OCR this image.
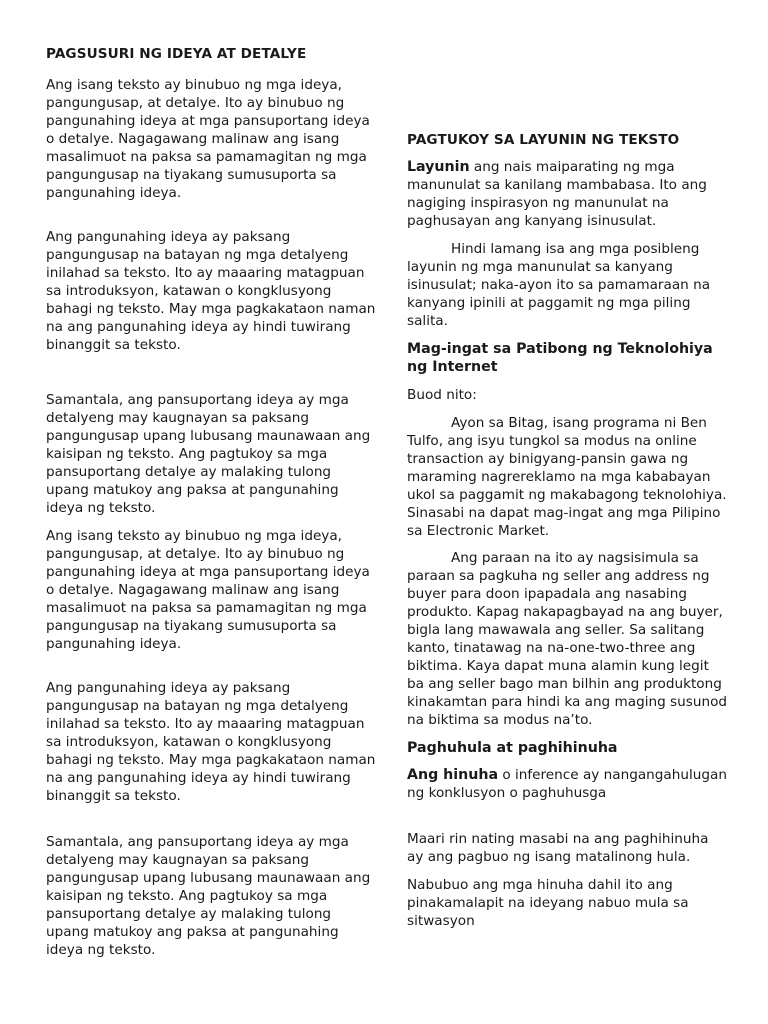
PAGSUSURI NG IDEYA AT DETALYE

Ang isang teksto ay binubuo ng mga ideya, pangungusap, at detalye. Ito ay binubuo ng pangunahing ideya at mga pansuportang ideya o detalye. Nagagawang malinaw ang isang masalimuot na paksa sa pamamagitan ng mga pangungusap na tiyakang sumusuporta sa pangunahing ideya.

Ang pangunahing ideya ay paksang pangungusap na batayan ng mga detalyeng inilahad sa teksto. Ito ay maaaring matagpuan sa introduksyon, katawan o kongklusyong bahagi ng teksto. May mga pagkakataon naman na ang pangunahing ideya ay hindi tuwirang binanggit sa teksto.

Samantala, ang pansuportang ideya ay mga detalyeng may kaugnayan sa paksang pangungusap upang lubusang maunawaan ang kaisipan ng teksto. Ang pagtukoy sa mga pansuportang detalye ay malaking tulong upang matukoy ang paksa at pangunahing ideya ng teksto.

Ang isang teksto ay binubuo ng mga ideya, pangungusap, at detalye. Ito ay binubuo ng pangunahing ideya at mga pansuportang ideya o detalye. Nagagawang malinaw ang isang masalimuot na paksa sa pamamagitan ng mga pangungusap na tiyakang sumusuporta sa pangunahing ideya.

Ang pangunahing ideya ay paksang pangungusap na batayan ng mga detalyeng inilahad sa teksto. Ito ay maaaring matagpuan sa introduksyon, katawan o kongklusyong bahagi ng teksto. May mga pagkakataon naman na ang pangunahing ideya ay hindi tuwirang binanggit sa teksto.

Samantala, ang pansuportang ideya ay mga detalyeng may kaugnayan sa paksang pangungusap upang lubusang maunawaan ang kaisipan ng teksto. Ang pagtukoy sa mga pansuportang detalye ay malaking tulong upang matukoy ang paksa at pangunahing ideya ng teksto.

PAGTUKOY SA LAYUNIN NG TEKSTO

Layunin ang nais maiparating ng mga manunulat sa kanilang mambabasa. Ito ang nagiging inspirasyon ng manunulat na paghusayan ang kanyang isinusulat.

Hindi lamang isa ang mga posibleng layunin ng mga manunulat sa kanyang isinusulat; naka-ayon ito sa pamamaraan na kanyang ipinili at paggamit ng mga piling salita.

Mag-ingat sa Patibong ng Teknolohiya ng Internet

Buod nito:

Ayon sa Bitag, isang programa ni Ben Tulfo, ang isyu tungkol sa modus na online transaction ay binigyang-pansin gawa ng maraming nagrereklamo na mga kababayan ukol sa paggamit ng makabagong teknolohiya. Sinasabi na dapat mag-ingat ang mga Pilipino sa Electronic Market.

Ang paraan na ito ay nagsisimula sa paraan sa pagkuha ng seller ang address ng buyer para doon ipapadala ang nasabing produkto. Kapag nakapagbayad na ang buyer, bigla lang mawawala ang seller. Sa salitang kanto, tinatawag na na-one-two-three ang biktima. Kaya dapat muna alamin kung legit ba ang seller bago man bilhin ang produktong kinakamtan para hindi ka ang maging susunod na biktima sa modus na’to.

Paghuhula at paghihinuha

Ang hinuha o inference ay nangangahulugan ng konklusyon o paghuhusga

Maari rin nating masabi na ang paghihinuha ay ang pagbuo ng isang matalinong hula.

Nabubuo ang mga hinuha dahil ito ang pinakamalapit na ideyang nabuo mula sa sitwasyon
